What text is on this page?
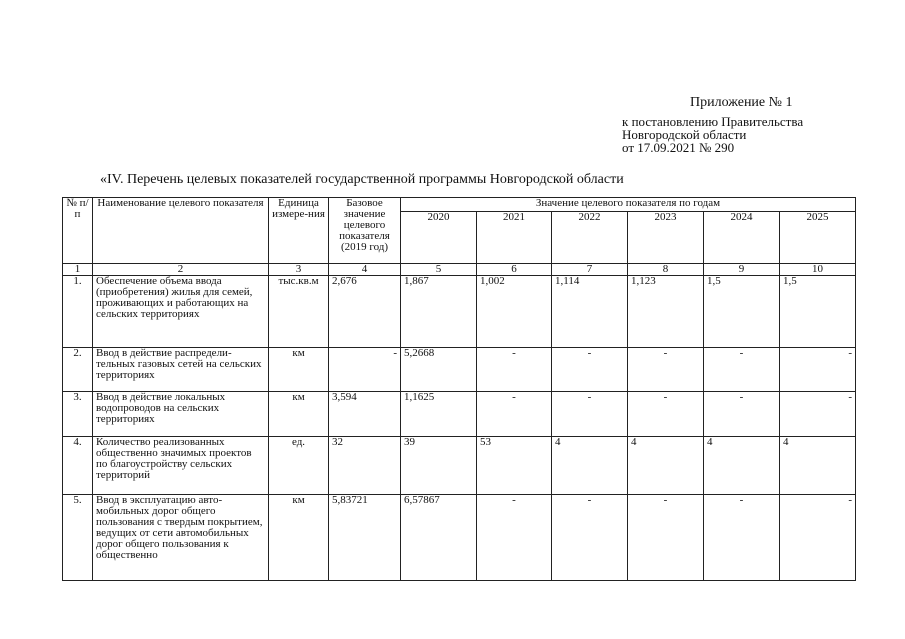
Приложение № 1
к постановлению Правительства
Новгородской области
от 17.09.2021 № 290
«IV. Перечень целевых показателей государственной программы Новгородской области
№ п/п	Наименование целевого показателя	Единица измере-ния	Базовое значение целевого показателя (2019 год)	Значение целевого показателя по годам					
				2020	2021	2022	2023	2024	2025
1	2	3	4	5	6	7	8	9	10
1.	Обеспечение объема ввода (приобретения) жилья для семей, проживающих и работающих на сельских территориях	тыс.кв.м	2,676	1,867	1,002	1,114	1,123	1,5	1,5
2.	Ввод в действие распредели-тельных газовых сетей на сельских территориях	км	-	5,2668	-	-	-	-	-
3.	Ввод в действие локальных водопроводов на сельских территориях	км	3,594	1,1625	-	-	-	-	-
4.	Количество реализованных общественно значимых проектов по благоустройству сельских территорий	ед.	32	39	53	4	4	4	4
5.	Ввод в эксплуатацию авто-мобильных дорог общего пользования с твердым покрытием, ведущих от сети автомобильных дорог общего пользования к общественно	км	5,83721	6,57867	-	-	-	-	-
